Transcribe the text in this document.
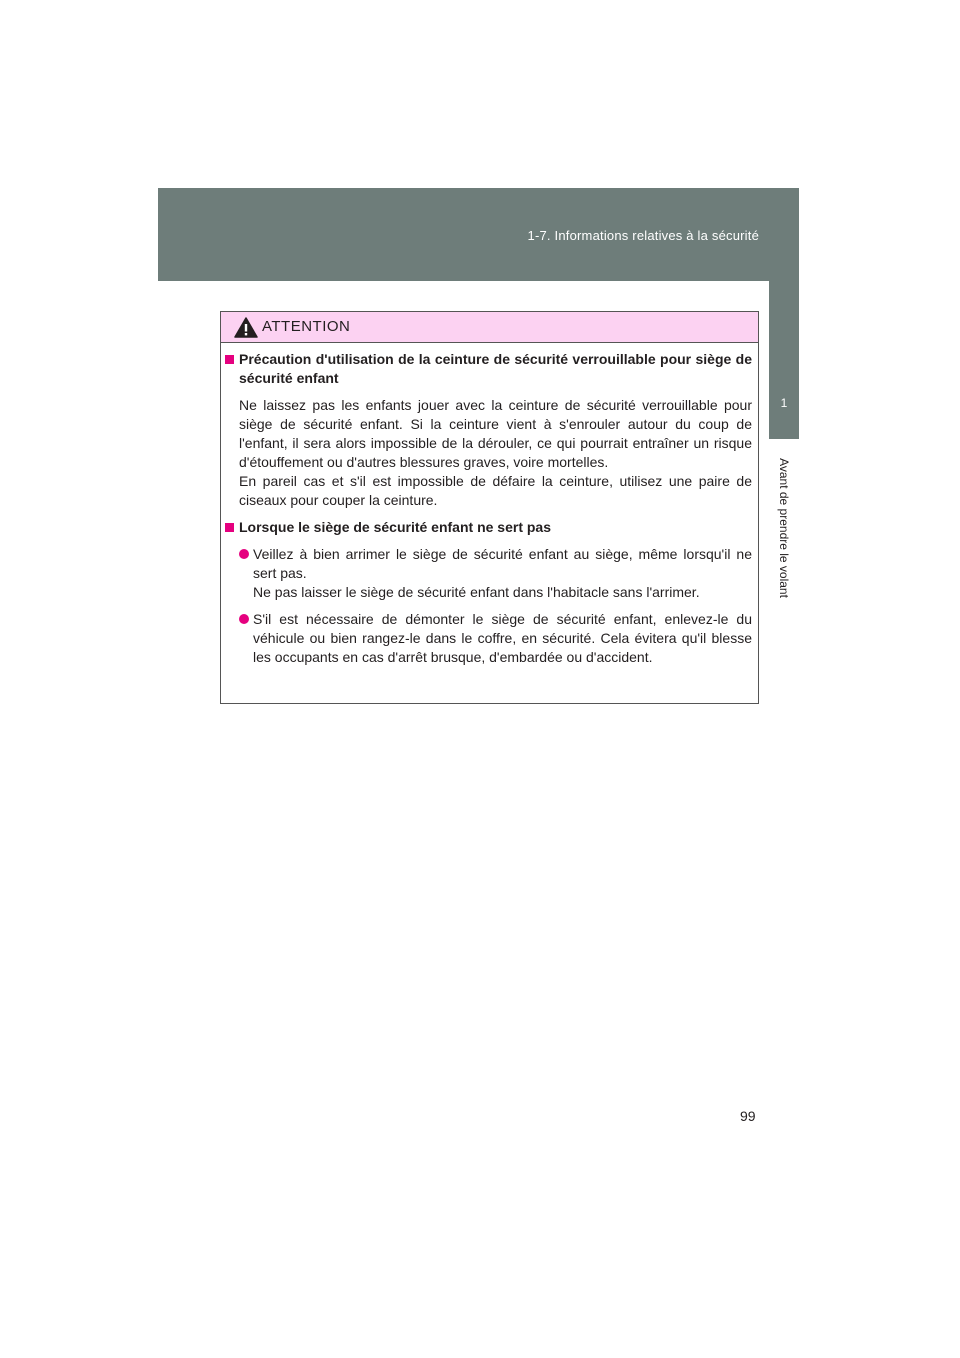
1-7. Informations relatives à la sécurité
1
Avant de prendre le volant
ATTENTION
Précaution d'utilisation de la ceinture de sécurité verrouillable pour siège de sécurité enfant
Ne laissez pas les enfants jouer avec la ceinture de sécurité verrouillable pour siège de sécurité enfant. Si la ceinture vient à s'enrouler autour du coup de l'enfant, il sera alors impossible de la dérouler, ce qui pourrait entraîner un risque d'étouffement ou d'autres blessures graves, voire mortelles.
En pareil cas et s'il est impossible de défaire la ceinture, utilisez une paire de ciseaux pour couper la ceinture.
Lorsque le siège de sécurité enfant ne sert pas
Veillez à bien arrimer le siège de sécurité enfant au siège, même lorsqu'il ne sert pas.
Ne pas laisser le siège de sécurité enfant dans l'habitacle sans l'arrimer.
S'il est nécessaire de démonter le siège de sécurité enfant, enlevez-le du véhicule ou bien rangez-le dans le coffre, en sécurité. Cela évitera qu'il blesse les occupants en cas d'arrêt brusque, d'embardée ou d'accident.
99
